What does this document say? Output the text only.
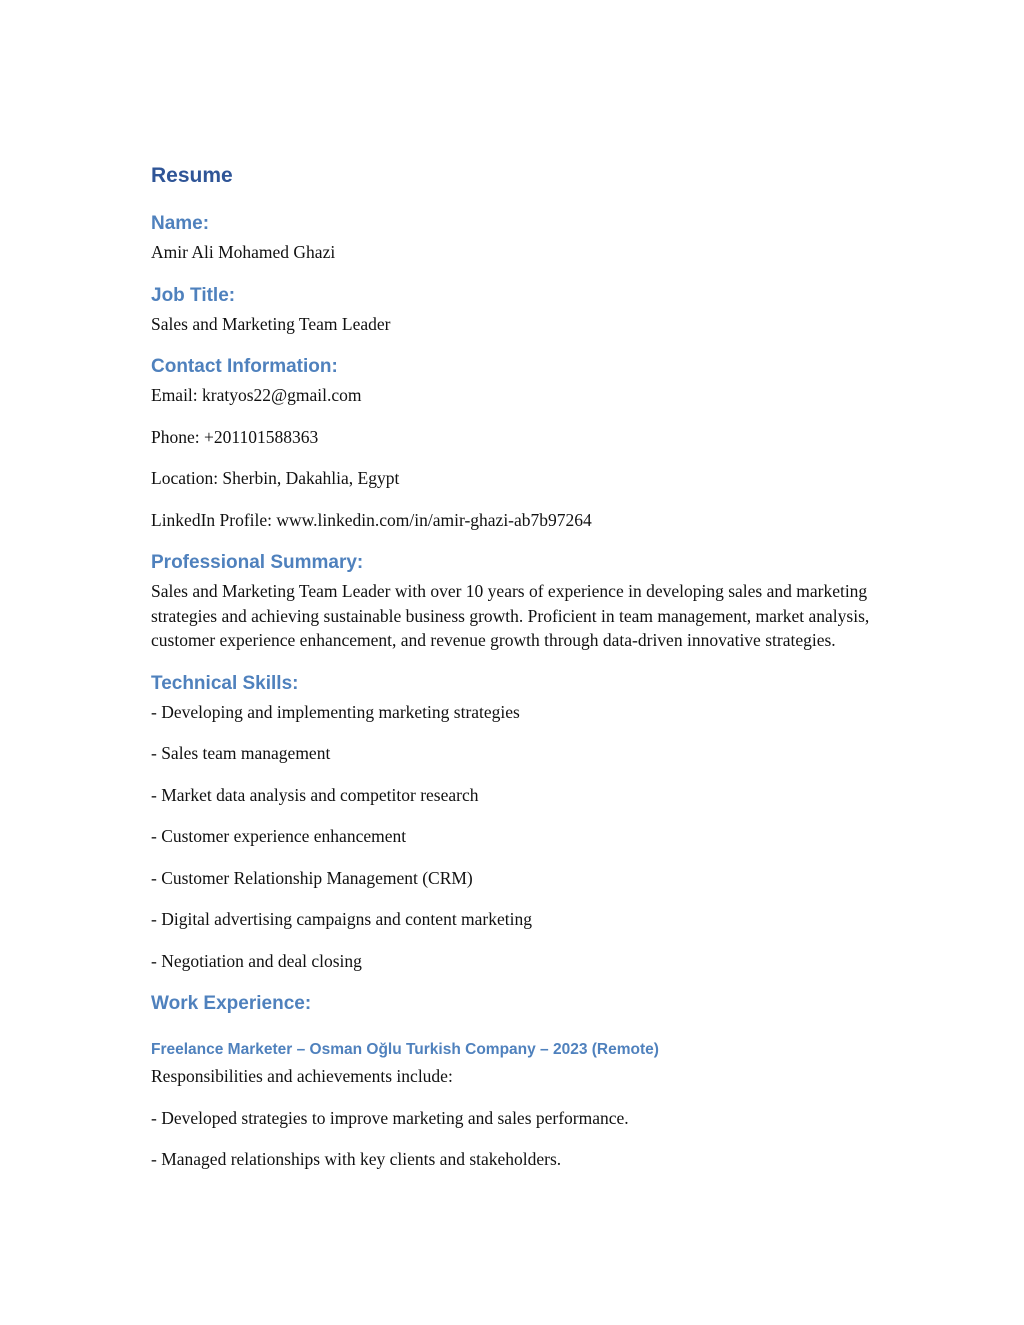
Resume
Name:

Amir Ali Mohamed Ghazi

Job Title:

Sales and Marketing Team Leader

Contact Information:

Email: kratyos22@gmail.com

Phone: +201101588363

Location: Sherbin, Dakahlia, Egypt

LinkedIn Profile: www.linkedin.com/in/amir-ghazi-ab7b97264

Professional Summary:

Sales and Marketing Team Leader with over 10 years of experience in developing sales and marketing strategies and achieving sustainable business growth. Proficient in team management, market analysis, customer experience enhancement, and revenue growth through data-driven innovative strategies.

Technical Skills:

- Developing and implementing marketing strategies

- Sales team management

- Market data analysis and competitor research

- Customer experience enhancement

- Customer Relationship Management (CRM)

- Digital advertising campaigns and content marketing

- Negotiation and deal closing

Work Experience:
Freelance Marketer – Osman Oğlu Turkish Company – 2023 (Remote)

Responsibilities and achievements include:

- Developed strategies to improve marketing and sales performance.

- Managed relationships with key clients and stakeholders.
